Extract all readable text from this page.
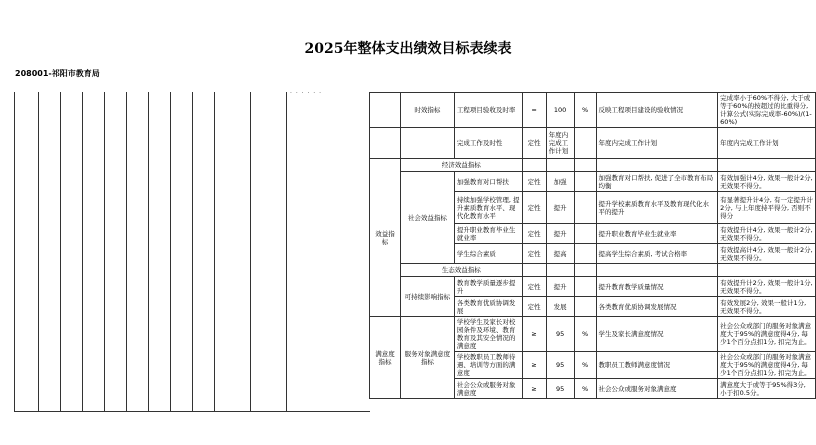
2025年整体支出绩效目标表续表
208001-祁阳市教育局
· · · · · ·
	时效指标	工程项目验收及时率	=	100	%	反映工程项目建设的验收情况	完成率小于60%不得分, 大于或等于60%的按超过的比重得分, 计算公式(实际完成率-60%)/(1-60%)
		完成工作及时性	定性	年度内完成工作计划		年度内完成工作计划	年度内完成工作计划
效益指标	经济效益指标						
	社会效益指标	加强教育对口帮扶	定性	加强		加强教育对口帮扶, 促进了全市教育布局均衡	有效加强计4分, 效果一般计2分, 无效果不得分。
		持续加强学校管理, 提升素质教育水平、现代化教育水平	定性	提升		提升学校素质教育水平及教育现代化水平的提升	有显著提升计4分, 有一定提升计2分, 与上年度持平得分, 否则不得分
		提升职业教育毕业生就业率	定性	提升		提升职业教育毕业生就业率	有效提升计4分, 效果一般计2分, 无效果不得分。
		学生综合素质	定性	提高		提高学生综合素质, 考试合格率	有效提高计4分, 效果一般计2分, 无效果不得分。
	生态效益指标						
	可持续影响指标	教育教学质量逐步提升	定性	提升		提升教育教学质量情况	有效提升计2分, 效果一般计1分, 无效果不得分。
		各类教育优质协调发展	定性	发展		各类教育优质协调发展情况	有效发展2分, 效果一般计1分, 无效果不得分。
满意度指标	服务对象满意度指标	学校学生及家长对校园条件及环境、教育教育及其安全情况的满意度	≥	95	%	学生及家长满意度情况	社会公众或部门的服务对象满意度大于95%的满意度得4分, 每少1个百分点扣1分, 扣完为止。
		学校教职员工教师待遇、培训等方面的满意度	≥	95	%	教职员工教师满意度情况	社会公众或部门的服务对象满意度大于95%的满意度得4分, 每少1个百分点扣1分, 扣完为止。
		社会公众或服务对象满意度	≥	95	%	社会公众或服务对象满意度	满意度大于或等于95%得3分, 小于扣0.5分。
